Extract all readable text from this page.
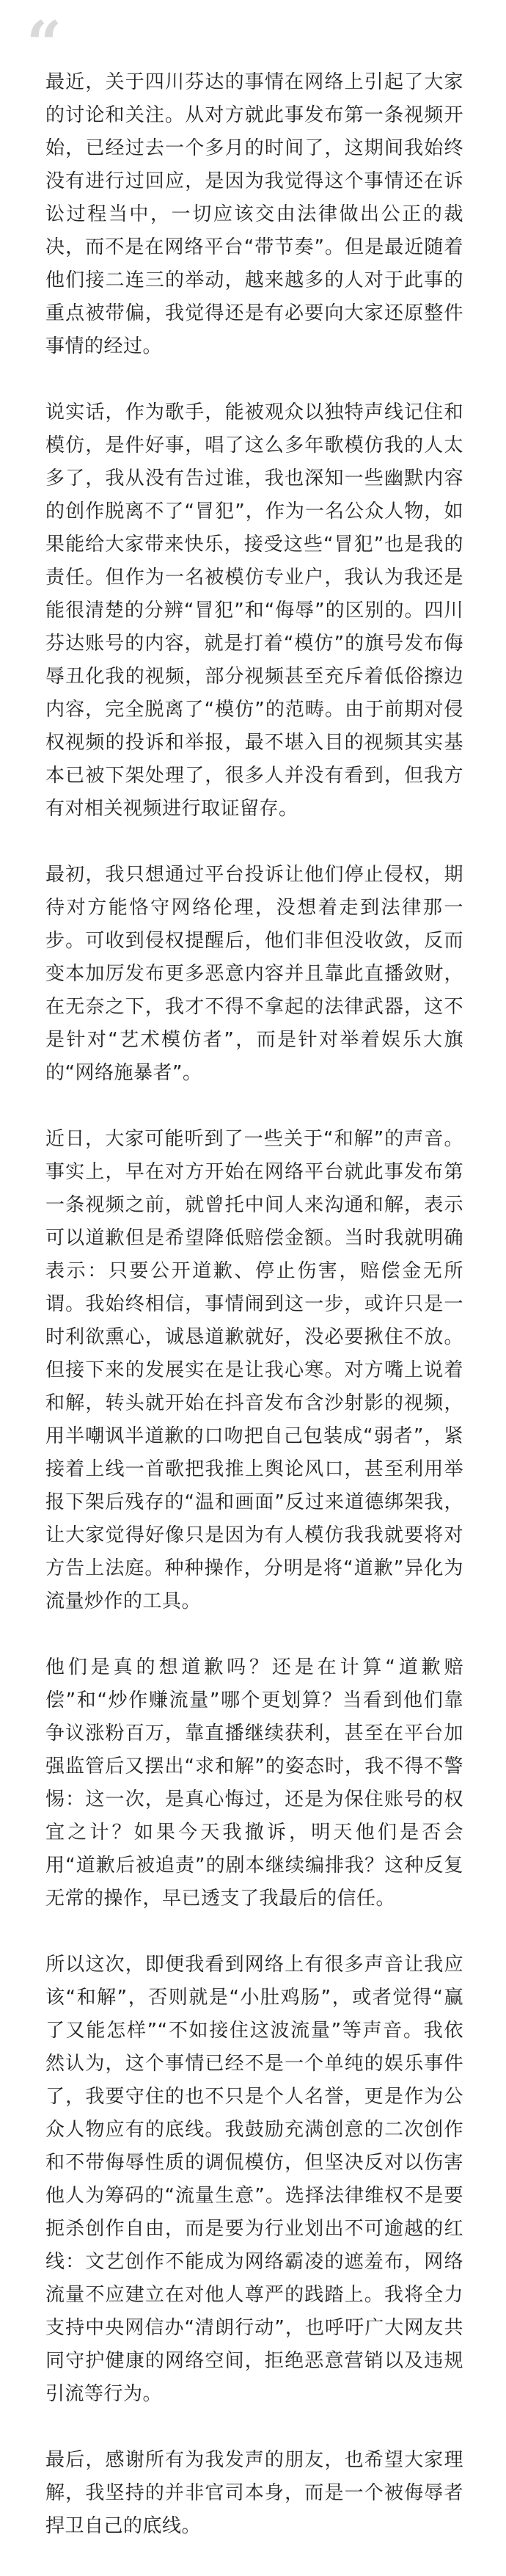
“

最近，关于四川芬达的事情在网络上引起了大家的讨论和关注。从对方就此事发布第一条视频开始，已经过去一个多月的时间了，这期间我始终没有进行过回应，是因为我觉得这个事情还在诉讼过程当中，一切应该交由法律做出公正的裁决，而不是在网络平台“带节奏”。但是最近随着他们接二连三的举动，越来越多的人对于此事的重点被带偏，我觉得还是有必要向大家还原整件事情的经过。

说实话，作为歌手，能被观众以独特声线记住和模仿，是件好事，唱了这么多年歌模仿我的人太多了，我从没有告过谁，我也深知一些幽默内容的创作脱离不了“冒犯”，作为一名公众人物，如果能给大家带来快乐，接受这些“冒犯”也是我的责任。但作为一名被模仿专业户，我认为我还是能很清楚的分辨“冒犯”和“侮辱”的区别的。四川芬达账号的内容，就是打着“模仿”的旗号发布侮辱丑化我的视频，部分视频甚至充斥着低俗擦边内容，完全脱离了“模仿”的范畴。由于前期对侵权视频的投诉和举报，最不堪入目的视频其实基本已被下架处理了，很多人并没有看到，但我方有对相关视频进行取证留存。

最初，我只想通过平台投诉让他们停止侵权，期待对方能恪守网络伦理，没想着走到法律那一步。可收到侵权提醒后，他们非但没收敛，反而变本加厉发布更多恶意内容并且靠此直播敛财，在无奈之下，我才不得不拿起的法律武器，这不是针对“艺术模仿者”，而是针对举着娱乐大旗的“网络施暴者”。

近日，大家可能听到了一些关于“和解”的声音。事实上，早在对方开始在网络平台就此事发布第一条视频之前，就曾托中间人来沟通和解，表示可以道歉但是希望降低赔偿金额。当时我就明确表示：只要公开道歉、停止伤害，赔偿金无所谓。我始终相信，事情闹到这一步，或许只是一时利欲熏心，诚恳道歉就好，没必要揪住不放。但接下来的发展实在是让我心寒。对方嘴上说着和解，转头就开始在抖音发布含沙射影的视频，用半嘲讽半道歉的口吻把自己包装成“弱者”，紧接着上线一首歌把我推上舆论风口，甚至利用举报下架后残存的“温和画面”反过来道德绑架我，让大家觉得好像只是因为有人模仿我我就要将对方告上法庭。种种操作，分明是将“道歉”异化为流量炒作的工具。

他们是真的想道歉吗？还是在计算“道歉赔偿”和“炒作赚流量”哪个更划算？当看到他们靠争议涨粉百万，靠直播继续获利，甚至在平台加强监管后又摆出“求和解”的姿态时，我不得不警惕：这一次，是真心悔过，还是为保住账号的权宜之计？如果今天我撤诉，明天他们是否会用“道歉后被追责”的剧本继续编排我？这种反复无常的操作，早已透支了我最后的信任。

所以这次，即便我看到网络上有很多声音让我应该“和解”，否则就是“小肚鸡肠”，或者觉得“赢了又能怎样”“不如接住这波流量”等声音。我依然认为，这个事情已经不是一个单纯的娱乐事件了，我要守住的也不只是个人名誉，更是作为公众人物应有的底线。我鼓励充满创意的二次创作和不带侮辱性质的调侃模仿，但坚决反对以伤害他人为筹码的“流量生意”。选择法律维权不是要扼杀创作自由，而是要为行业划出不可逾越的红线：文艺创作不能成为网络霸凌的遮羞布，网络流量不应建立在对他人尊严的践踏上。我将全力支持中央网信办“清朗行动”，也呼吁广大网友共同守护健康的网络空间，拒绝恶意营销以及违规引流等行为。

最后，感谢所有为我发声的朋友，也希望大家理解，我坚持的并非官司本身，而是一个被侮辱者捍卫自己的底线。
